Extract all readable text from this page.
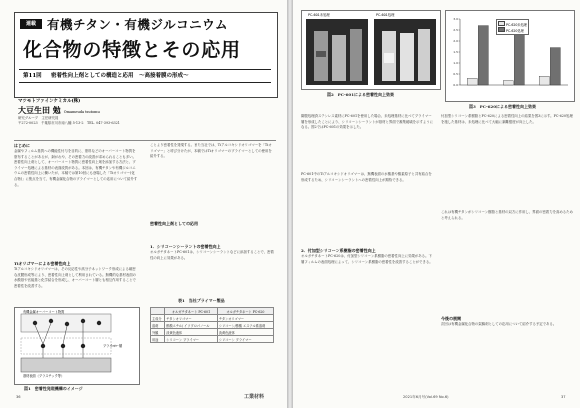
連載 有機チタン・有機ジルコニウム
化合物の特徴とその応用
第11回 密着性向上剤としての構造と応用　～高接着膜の形成～
マツモトファインケミカル(株)
大豆生田 勉 Omameuda tsutomu
研究グループ　主任研究員
〒272-0023　千葉県市川市南八幡 5-13-2　 TEL. 047-393-6321
はじめに
金属やフィルム基質への機能性付与を目的に、塗料などのオーバーコート物質を塗布することがあるが、剥がれや、その密着力の改善が求められることも多い。密着性向上剤として、オーバーコート物質に密着性向上剤を添加する方法と、プライマー処理による基材の表面改質がある。本回は、有機チタンや有機ジルコニウムの密着性向上に働いたが、本稿では第10回にも登場した「Tiオリゴマー(化合物)」に焦点を当て、有機金属化合物のプライマーとしての応用について紹介する。
Tiオリゴマーによる密着性向上
Tiアルコキシドオリゴマーは、その反応性や高分子ネットワーク形成による緻密な皮膜形成等により、密着性向上剤として利用されている。無機的な基材表面の水酸基や官能基と化学結合を形成し、オーバーコート層とも相互作用することで密着性を改善する。
有機金属オーバーコート物質
プライマー層
基材表面（プラスチック等）
図1　密着性発現機構のイメージ
ことより密着性を発現する。また当社では、Tiアルコキシドオリゴマーを「Tiオリゴマー」と呼び分けたが、本稿ではTiオリゴマーのプライマーとしての使用を紹介する。
密着性向上剤としての応用
1．シリコーンシーラントの密着性向上
オルガチタネートPC-601は、シリコーンシーラントなどに添加することで、密着性の向上に効果がある。
表1　当社プライマー製品
	オルガチタネート PC-601	オルガチタネート PC-620
主成分	チタンオリゴマー	チタンオリゴマー
溶剤	酢酸エチル/ イソプロパノール	シリコーン/酢酸 エステル系溶剤
外観	淡黄色液体	淡黄色液体
用途	シリコーン プライマー	シリコーン プライマー
36	工業材料
PC-601未処理	PC-601処理
図2　PC-601による密着性向上効果
0.0
0.5
1.0
1.5
2.0
2.5
3.0
PC-620未処理
PC-620処理
図3　PC-620による密着性向上効果
鋼製処理済ステンレス素材にPC-601を使用した場合、未処理基材に比べてプライマー層を形成したことにより、シリコーンシーラントが基材と界面で凝集破壊を示すようになる。図2ではPC-601の効果を示した。
PC-601中のTiアルコキシドオリゴマーは、無機表面の水酸基や酸素原子と共有結合を形成するため、シリコーンシーラントへの密着性向上が期待できる。
2．付加型シリコーン系樹脂の密着性向上
オルガチタネートPC-620は、付加型シリコーン系樹脂の密着性向上に効果がある。下層フィルムの表面処理によって、シリコーン系樹脂の密着性を改善することができる。
付加型シリコーン系樹脂とPC-620による密着性向上の結果を図3に示す。PC-620処理を施した基材は、未処理に比べて大幅に剥離強度が向上した。
これは有機チタンがシリコーン樹脂と基材の双方に作用し、界面の密着力を高めるためと考えられる。
今後の展開
次回は有機金属化合物の架橋剤としての応用について紹介する予定である。
2021年6月号(Vol.69 No.6)	37
